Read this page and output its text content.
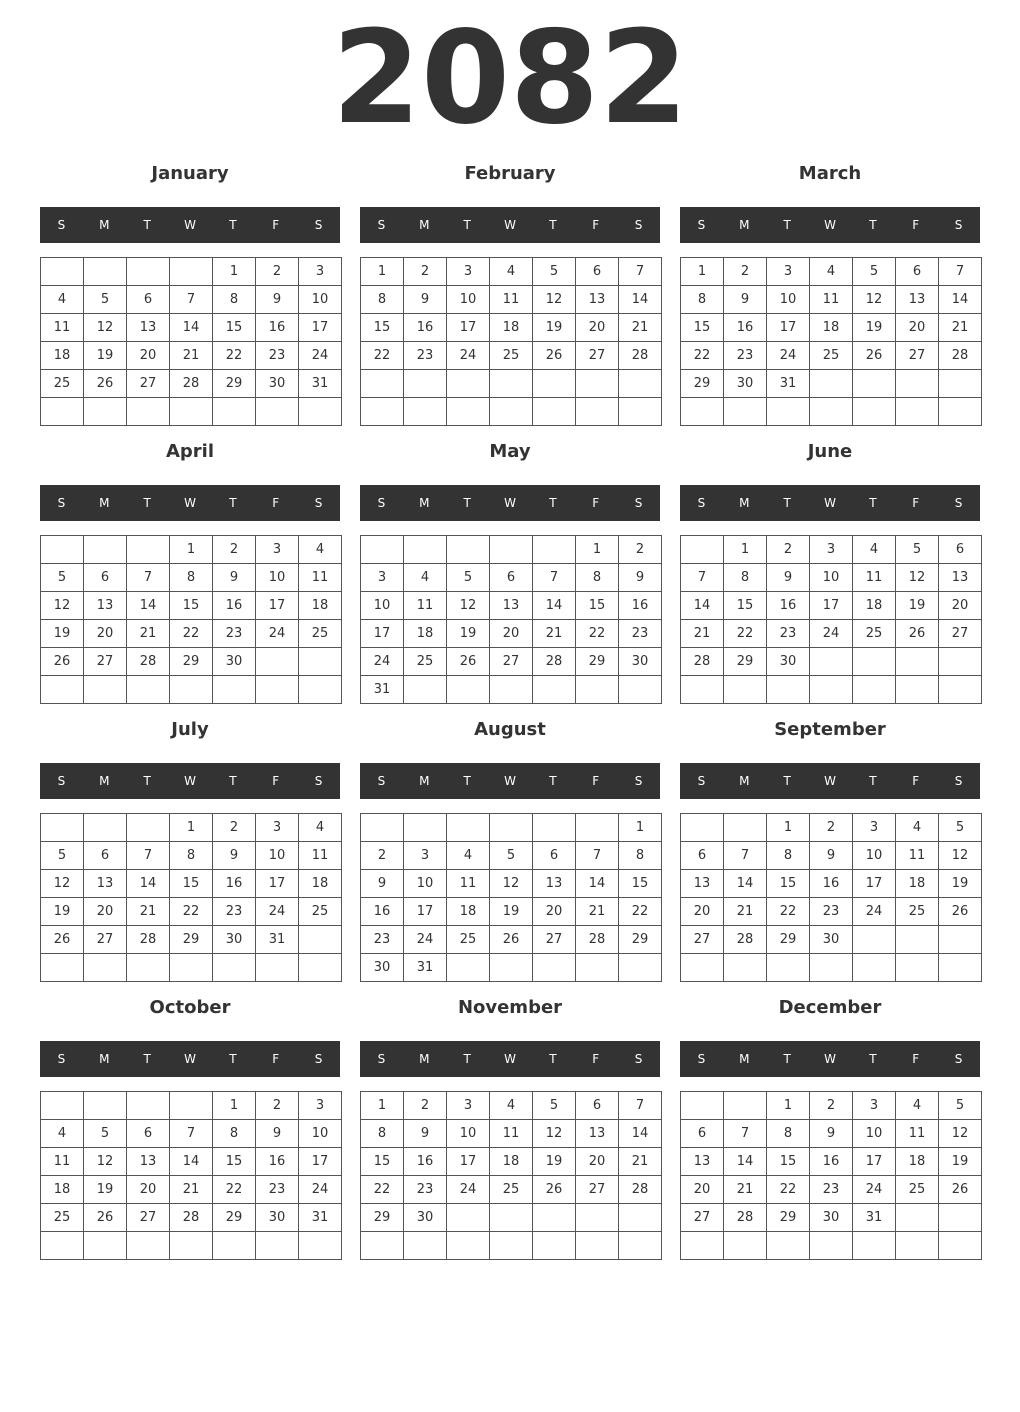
2082
January
S	M	T	W	T	F	S
				1	2	3
4	5	6	7	8	9	10
11	12	13	14	15	16	17
18	19	20	21	22	23	24
25	26	27	28	29	30	31

February
S	M	T	W	T	F	S
1	2	3	4	5	6	7
8	9	10	11	12	13	14
15	16	17	18	19	20	21
22	23	24	25	26	27	28

March
S	M	T	W	T	F	S
1	2	3	4	5	6	7
8	9	10	11	12	13	14
15	16	17	18	19	20	21
22	23	24	25	26	27	28
29	30	31				

April
S	M	T	W	T	F	S
			1	2	3	4
5	6	7	8	9	10	11
12	13	14	15	16	17	18
19	20	21	22	23	24	25
26	27	28	29	30		

May
S	M	T	W	T	F	S
					1	2
3	4	5	6	7	8	9
10	11	12	13	14	15	16
17	18	19	20	21	22	23
24	25	26	27	28	29	30
31						
June
S	M	T	W	T	F	S
	1	2	3	4	5	6
7	8	9	10	11	12	13
14	15	16	17	18	19	20
21	22	23	24	25	26	27
28	29	30				

July
S	M	T	W	T	F	S
			1	2	3	4
5	6	7	8	9	10	11
12	13	14	15	16	17	18
19	20	21	22	23	24	25
26	27	28	29	30	31	

August
S	M	T	W	T	F	S
						1
2	3	4	5	6	7	8
9	10	11	12	13	14	15
16	17	18	19	20	21	22
23	24	25	26	27	28	29
30	31					
September
S	M	T	W	T	F	S
		1	2	3	4	5
6	7	8	9	10	11	12
13	14	15	16	17	18	19
20	21	22	23	24	25	26
27	28	29	30			

October
S	M	T	W	T	F	S
				1	2	3
4	5	6	7	8	9	10
11	12	13	14	15	16	17
18	19	20	21	22	23	24
25	26	27	28	29	30	31

November
S	M	T	W	T	F	S
1	2	3	4	5	6	7
8	9	10	11	12	13	14
15	16	17	18	19	20	21
22	23	24	25	26	27	28
29	30					

December
S	M	T	W	T	F	S
		1	2	3	4	5
6	7	8	9	10	11	12
13	14	15	16	17	18	19
20	21	22	23	24	25	26
27	28	29	30	31		
